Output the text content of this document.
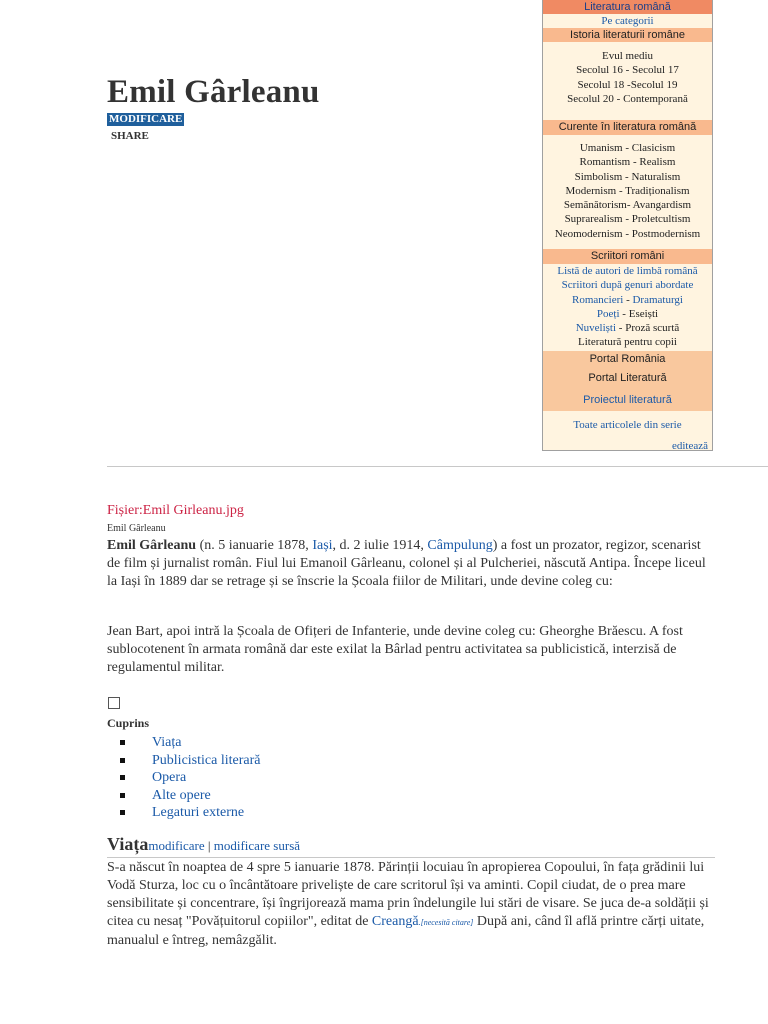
Emil Gârleanu
MODIFICARE
SHARE
Literatura română
Pe categorii
Istoria literaturii române
Evul mediu
Secolul 16 - Secolul 17
Secolul 18 -Secolul 19
Secolul 20 - Contemporană
Curente în literatura română
Umanism - Clasicism
Romantism - Realism
Simbolism - Naturalism
Modernism - Tradiționalism
Semănătorism- Avangardism
Suprarealism - Proletcultism
Neomodernism - Postmodernism
Scriitori români
Listă de autori de limbă română
Scriitori după genuri abordate
Romancieri - Dramaturgi
Poeți - Eseiști
Nuveliști - Proză scurtă
Literatură pentru copii
Portal România
Portal Literatură
Proiectul literatură
Toate articolele din serie
editează
Fișier:Emil Girleanu.jpg
Emil Gârleanu
Emil Gârleanu (n. 5 ianuarie 1878, Iași, d. 2 iulie 1914, Câmpulung) a fost un prozator, regizor, scenarist de film și jurnalist român. Fiul lui Emanoil Gârleanu, colonel și al Pulcheriei, născută Antipa. Începe liceul la Iași în 1889 dar se retrage și se înscrie la Școala fiilor de Militari, unde devine coleg cu:
Jean Bart, apoi intră la Școala de Ofițeri de Infanterie, unde devine coleg cu: Gheorghe Brăescu. A fost sublocotenent în armata română dar este exilat la Bârlad pentru activitatea sa publicistică, interzisă de regulamentul militar.
Cuprins
Viața
Publicistica literară
Opera
Alte opere
Legaturi externe
Viațamodificare | modificare sursă
S-a născut în noaptea de 4 spre 5 ianuarie 1878. Părinții locuiau în apropierea Copoului, în fața grădinii lui Vodă Sturza, loc cu o încântătoare priveliște de care scritorul își va aminti. Copil ciudat, de o prea mare sensibilitate și concentrare, își îngrijorează mama prin îndelungile lui stări de visare. Se juca de-a soldății și citea cu nesaț "Povățuitorul copiilor", editat de Creangă.[necesită citare] După ani, când îl află printre cărți uitate, manualul e întreg, nemâzgălit.
